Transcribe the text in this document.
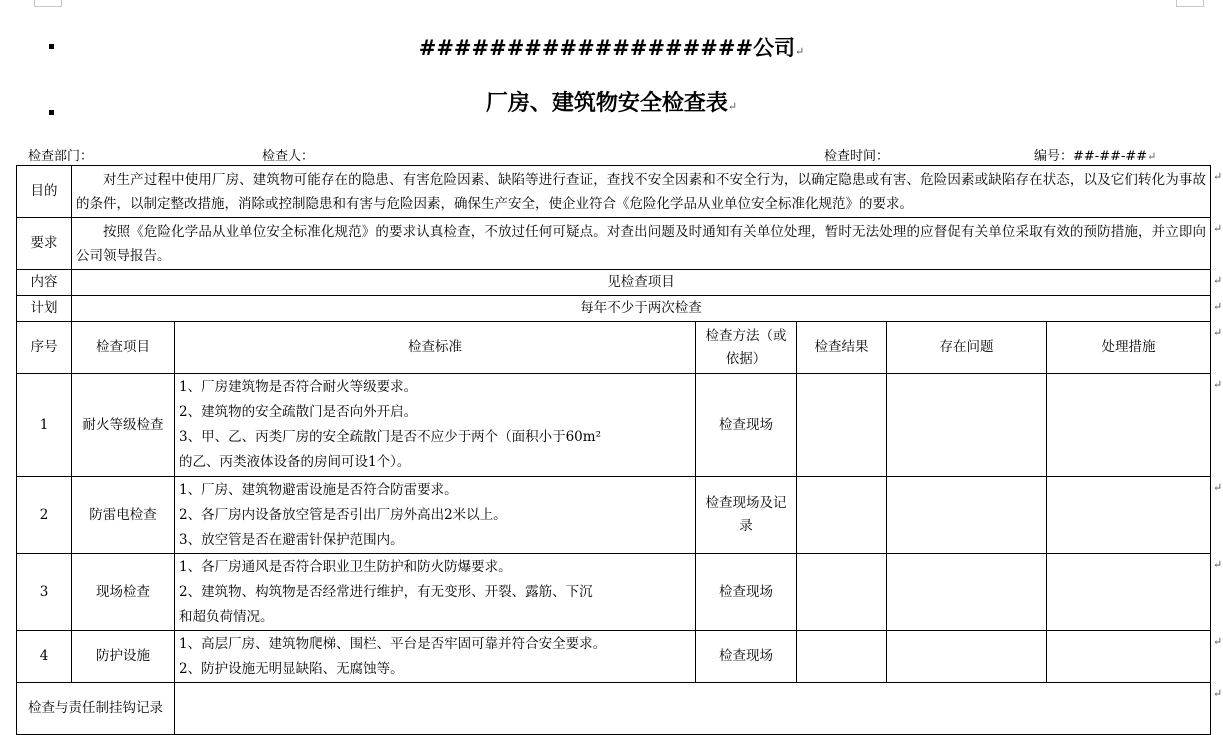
###################公司↵
厂房、建筑物安全检查表↵
检查部门：	检查人：	检查时间：	编号：##-##-##↵
目的	对生产过程中使用厂房、建筑物可能存在的隐患、有害危险因素、缺陷等进行查证，查找不安全因素和不安全行为，以确定隐患或有害、危险因素或缺陷存在状态，以及它们转化为事故的条件，以制定整改措施，消除或控制隐患和有害与危险因素，确保生产安全，使企业符合《危险化学品从业单位安全标准化规范》的要求。					
要求	按照《危险化学品从业单位安全标准化规范》的要求认真检查，不放过任何可疑点。对查出问题及时通知有关单位处理，暂时无法处理的应督促有关单位采取有效的预防措施，并立即向公司领导报告。					
内容	见检查项目					
计划	每年不少于两次检查					
序号	检查项目	检查标准	检查方法（或依据）	检查结果	存在问题	处理措施
1	耐火等级检查	1、厂房建筑物是否符合耐火等级要求。
2、建筑物的安全疏散门是否向外开启。
3、甲、乙、丙类厂房的安全疏散门是否不应少于两个（面积小于60m²
的乙、丙类液体设备的房间可设1个）。	检查现场			
2	防雷电检查	1、厂房、建筑物避雷设施是否符合防雷要求。
2、各厂房内设备放空管是否引出厂房外高出2米以上。
3、放空管是否在避雷针保护范围内。	检查现场及记录			
3	现场检查	1、各厂房通风是否符合职业卫生防护和防火防爆要求。
2、建筑物、构筑物是否经常进行维护，有无变形、开裂、露筋、下沉
和超负荷情况。	检查现场			
4	防护设施	1、高层厂房、建筑物爬梯、围栏、平台是否牢固可靠并符合安全要求。
2、防护设施无明显缺陷、无腐蚀等。	检查现场			
检查与责任制挂钩记录						
↵
↵
↵
↵
↵
↵
↵
↵
↵
↵
